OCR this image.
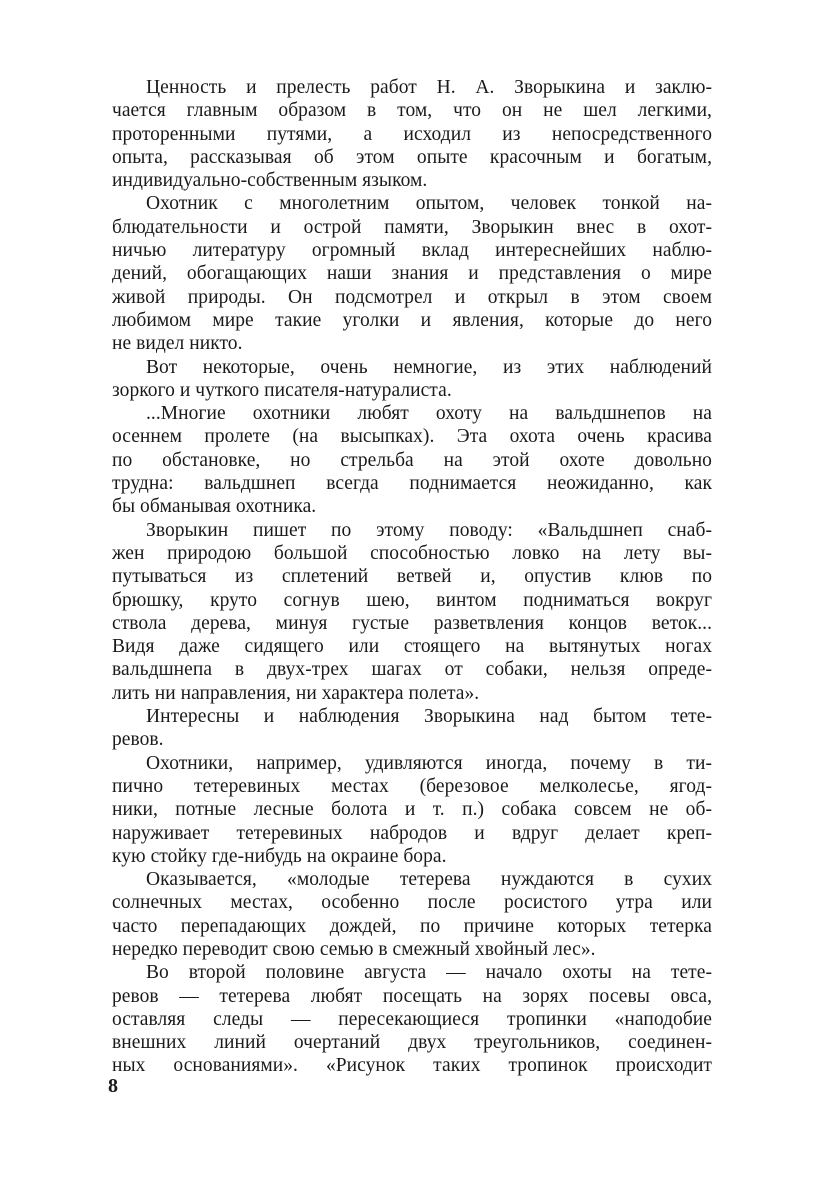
Ценность и прелесть работ Н. А. Зворыкина и заклю-
чается главным образом в том, что он не шел легкими,
проторенными путями, а исходил из непосредственного
опыта, рассказывая об этом опыте красочным и богатым,
индивидуально-собственным языком.
Охотник с многолетним опытом, человек тонкой на-
блюдательности и острой памяти, Зворыкин внес в охот-
ничью литературу огромный вклад интереснейших наблю-
дений, обогащающих наши знания и представления о мире
живой природы. Он подсмотрел и открыл в этом своем
любимом мире такие уголки и явления, которые до него
не видел никто.
Вот некоторые, очень немногие, из этих наблюдений
зоркого и чуткого писателя-натуралиста.
...Многие охотники любят охоту на вальдшнепов на
осеннем пролете (на высыпках). Эта охота очень красива
по обстановке, но стрельба на этой охоте довольно
трудна: вальдшнеп всегда поднимается неожиданно, как
бы обманывая охотника.
Зворыкин пишет по этому поводу: «Вальдшнеп снаб-
жен природою большой способностью ловко на лету вы-
путываться из сплетений ветвей и, опустив клюв по
брюшку, круто согнув шею, винтом подниматься вокруг
ствола дерева, минуя густые разветвления концов веток...
Видя даже сидящего или стоящего на вытянутых ногах
вальдшнепа в двух-трех шагах от собаки, нельзя опреде-
лить ни направления, ни характера полета».
Интересны и наблюдения Зворыкина над бытом тете-
ревов.
Охотники, например, удивляются иногда, почему в ти-
пично тетеревиных местах (березовое мелколесье, ягод-
ники, потные лесные болота и т. п.) собака совсем не об-
наруживает тетеревиных набродов и вдруг делает креп-
кую стойку где-нибудь на окраине бора.
Оказывается, «молодые тетерева нуждаются в сухих
солнечных местах, особенно после росистого утра или
часто перепадающих дождей, по причине которых тетерка
нередко переводит свою семью в смежный хвойный лес».
Во второй половине августа — начало охоты на тете-
ревов — тетерева любят посещать на зорях посевы овса,
оставляя следы — пересекающиеся тропинки «наподобие
внешних линий очертаний двух треугольников, соединен-
ных основаниями». «Рисунок таких тропинок происходит
8
